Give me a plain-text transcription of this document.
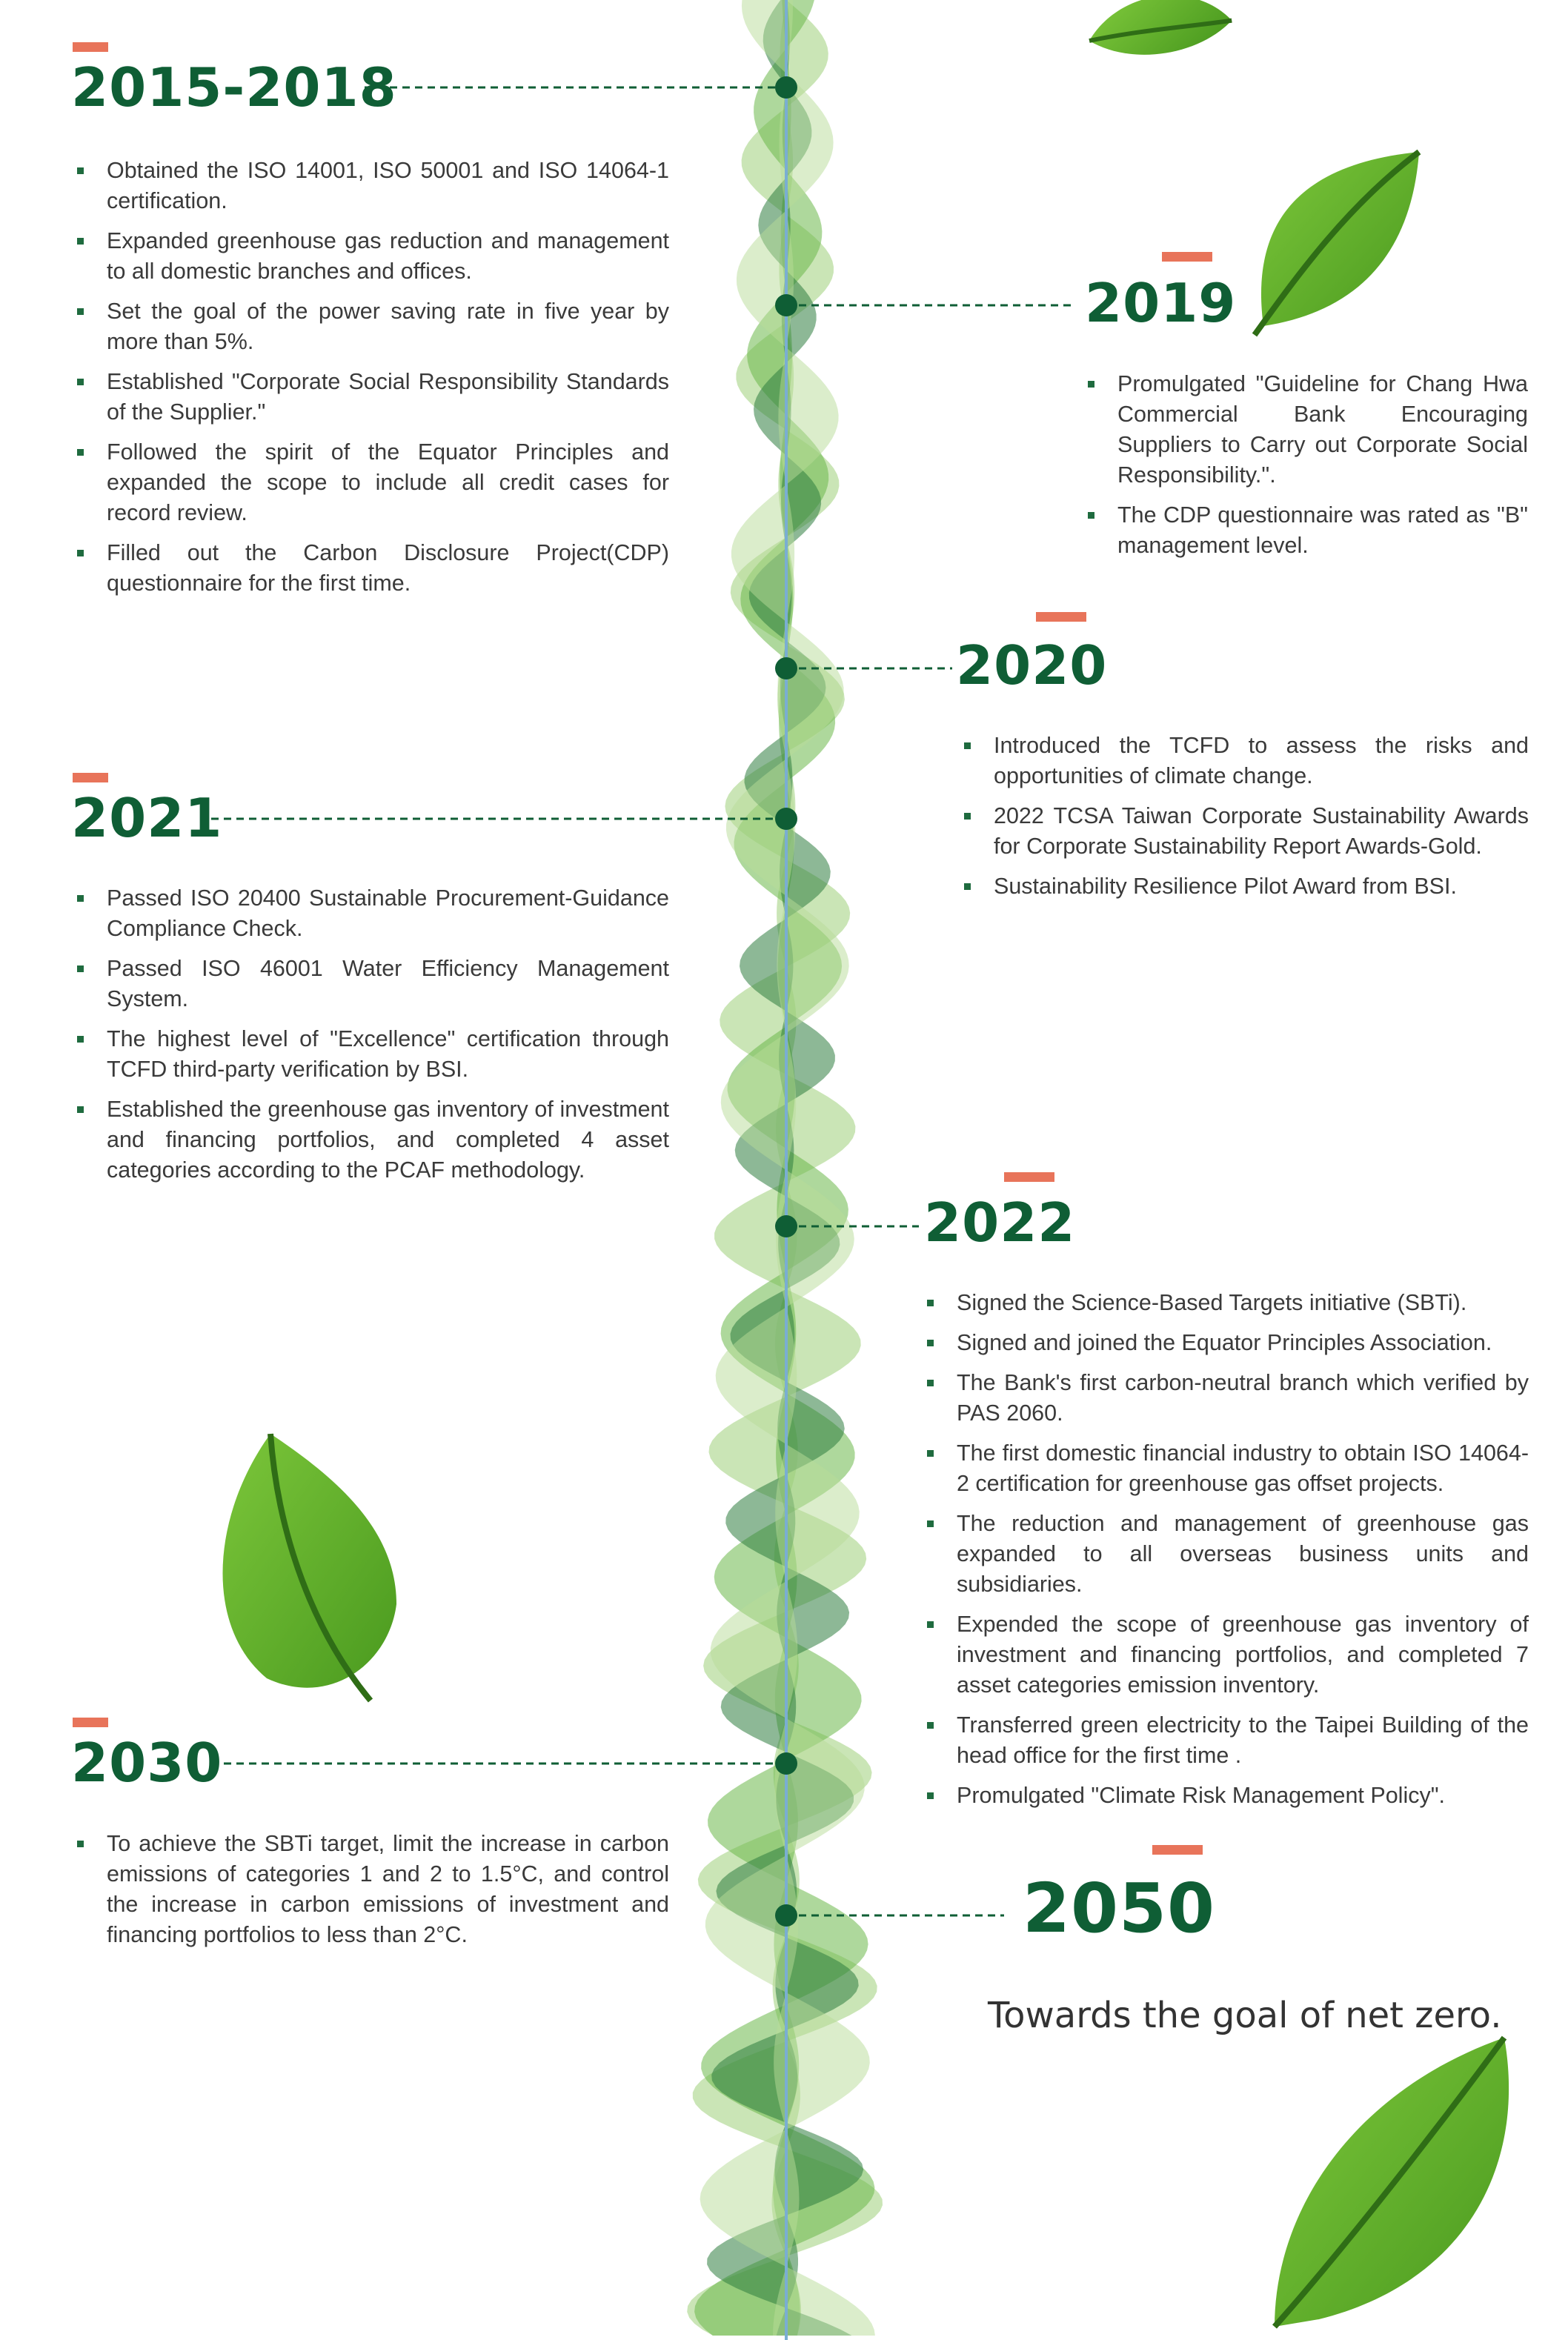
2015-2018
Obtained the ISO 14001, ISO 50001 and ISO 14064-1 certification.
Expanded greenhouse gas reduction and management to all domestic branches and offices.
Set the goal of the power saving rate in five year by more than 5%.
Established "Corporate Social Responsibility Standards of the Supplier."
Followed the spirit of the Equator Principles and expanded the scope to include all credit cases for record review.
Filled out the Carbon Disclosure Project(CDP) questionnaire for the first time.
2019
Promulgated "Guideline for Chang Hwa Commercial Bank Encouraging Suppliers to Carry out Corporate Social Responsibility.".
The CDP questionnaire was rated as "B" management level.
2020
Introduced the TCFD to assess the risks and opportunities of climate change.
2022 TCSA Taiwan Corporate Sustainability Awards for Corporate Sustainability Report Awards-Gold.
Sustainability Resilience Pilot Award from BSI.
2021
Passed ISO 20400 Sustainable Procurement-Guidance Compliance Check.
Passed ISO 46001 Water Efficiency Management System.
The highest level of "Excellence" certification through TCFD third-party verification by BSI.
Established the greenhouse gas inventory of investment and financing portfolios, and completed 4 asset categories according to the PCAF methodology.
2022
Signed the Science-Based Targets initiative (SBTi).
Signed and joined the Equator Principles Association.
The Bank's first carbon-neutral branch which verified by PAS 2060.
The first domestic financial industry to obtain ISO 14064-2 certification for greenhouse gas offset projects.
The reduction and management of greenhouse gas expanded to all overseas business units and subsidiaries.
Expended the scope of greenhouse gas inventory of investment and financing portfolios, and completed 7 asset categories emission inventory.
Transferred green electricity to the Taipei Building of the head office for the first time .
Promulgated "Climate Risk Management Policy".
2030
To achieve the SBTi target, limit the increase in carbon emissions of categories 1 and 2 to 1.5°C, and control the increase in carbon emissions of investment and financing portfolios to less than 2°C.	2050
Towards the goal of net zero.
